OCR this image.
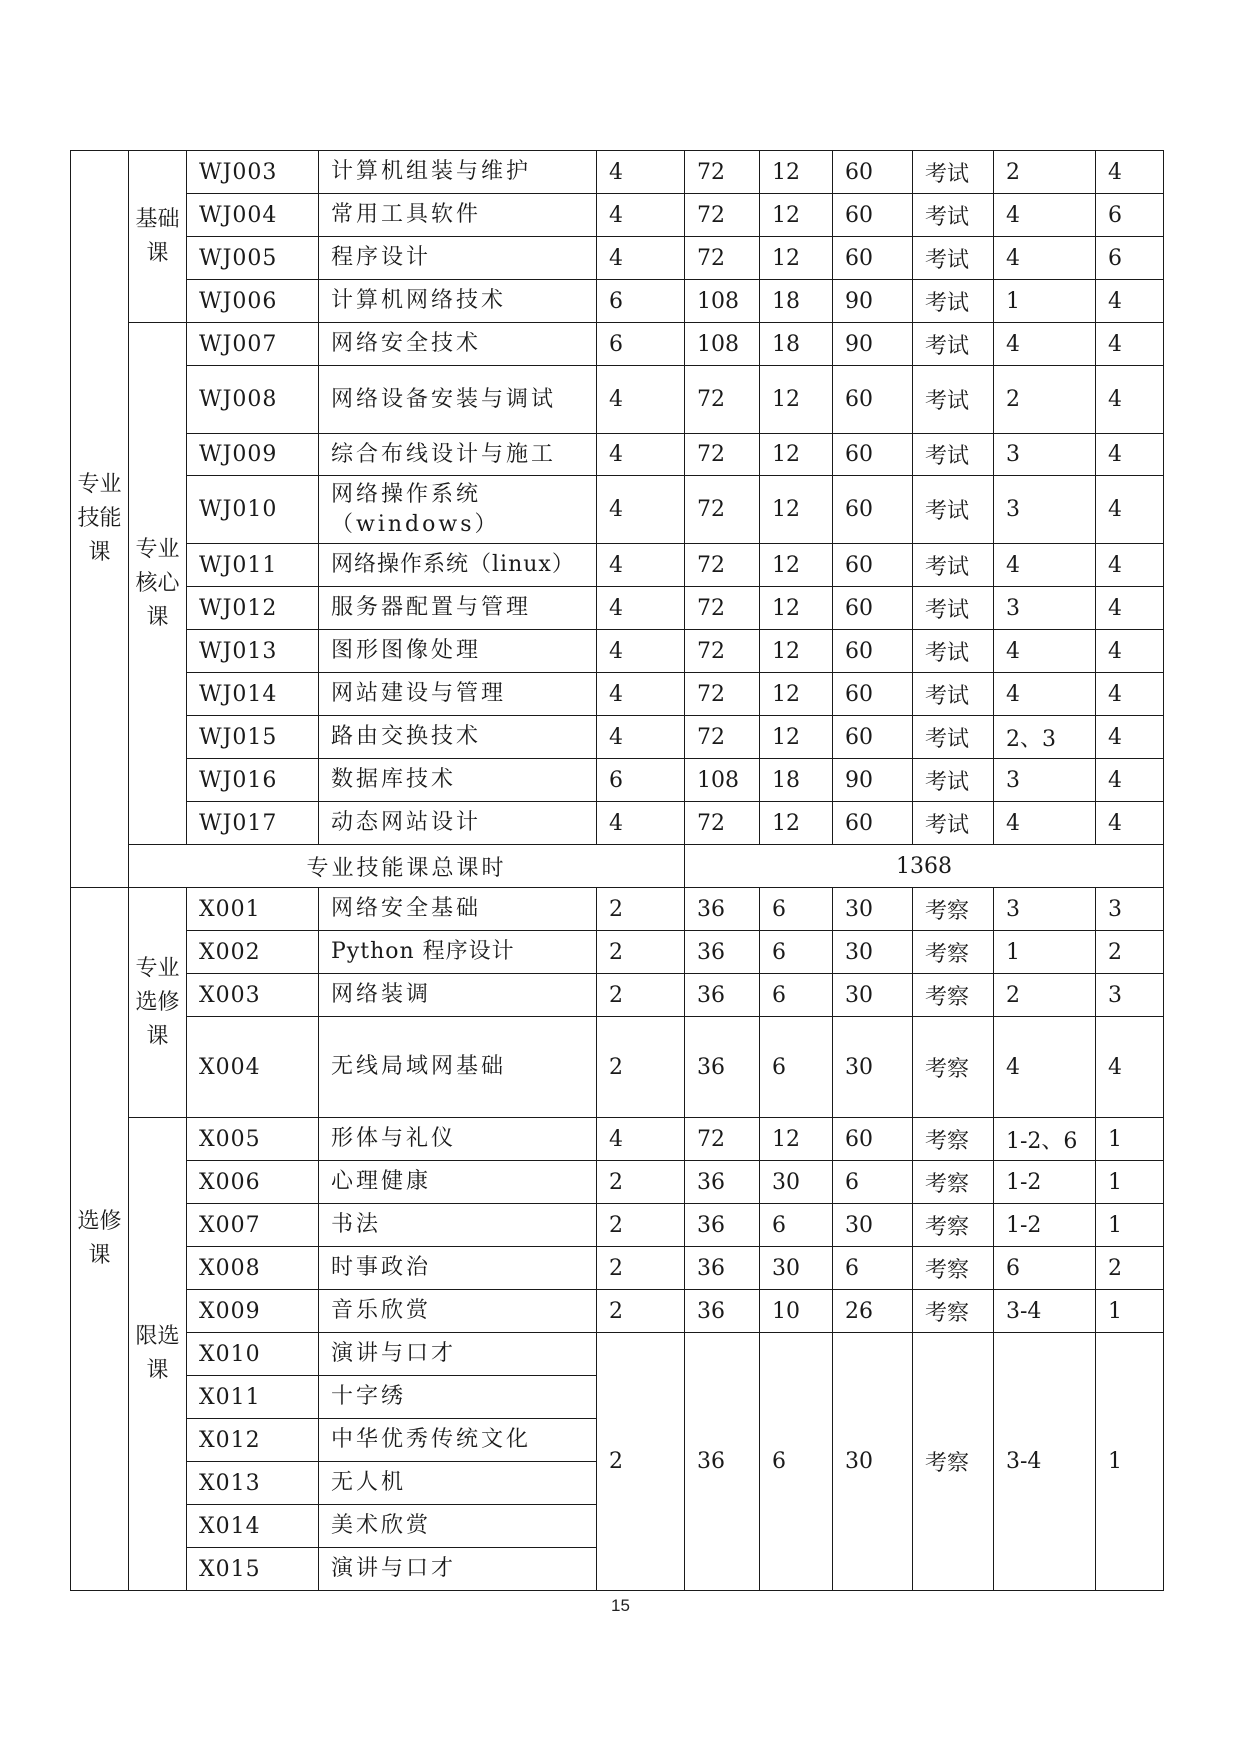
专业技能课	基础课	WJ003	计算机组装与维护	4	72	12	60	考试	2	4
		WJ004	常用工具软件	4	72	12	60	考试	4	6
		WJ005	程序设计	4	72	12	60	考试	4	6
		WJ006	计算机网络技术	6	108	18	90	考试	1	4
	专业核心课	WJ007	网络安全技术	6	108	18	90	考试	4	4
		WJ008	网络设备安装与调试	4	72	12	60	考试	2	4
		WJ009	综合布线设计与施工	4	72	12	60	考试	3	4
		WJ010	网络操作系统（windows）	4	72	12	60	考试	3	4
		WJ011	网络操作系统（linux）	4	72	12	60	考试	4	4
		WJ012	服务器配置与管理	4	72	12	60	考试	3	4
		WJ013	图形图像处理	4	72	12	60	考试	4	4
		WJ014	网站建设与管理	4	72	12	60	考试	4	4
		WJ015	路由交换技术	4	72	12	60	考试	2、3	4
		WJ016	数据库技术	6	108	18	90	考试	3	4
		WJ017	动态网站设计	4	72	12	60	考试	4	4
	专业技能课总课时				1368					
选修课	专业选修课	X001	网络安全基础	2	36	6	30	考察	3	3
		X002	Python 程序设计	2	36	6	30	考察	1	2
		X003	网络装调	2	36	6	30	考察	2	3
		X004	无线局域网基础	2	36	6	30	考察	4	4
	限选课	X005	形体与礼仪	4	72	12	60	考察	1-2、6	1
		X006	心理健康	2	36	30	6	考察	1-2	1
		X007	书法	2	36	6	30	考察	1-2	1
		X008	时事政治	2	36	30	6	考察	6	2
		X009	音乐欣赏	2	36	10	26	考察	3-4	1
		X010	演讲与口才	2	36	6	30	考察	3-4	1
		X011	十字绣							
		X012	中华优秀传统文化							
		X013	无人机							
		X014	美术欣赏							
		X015	演讲与口才							
15
